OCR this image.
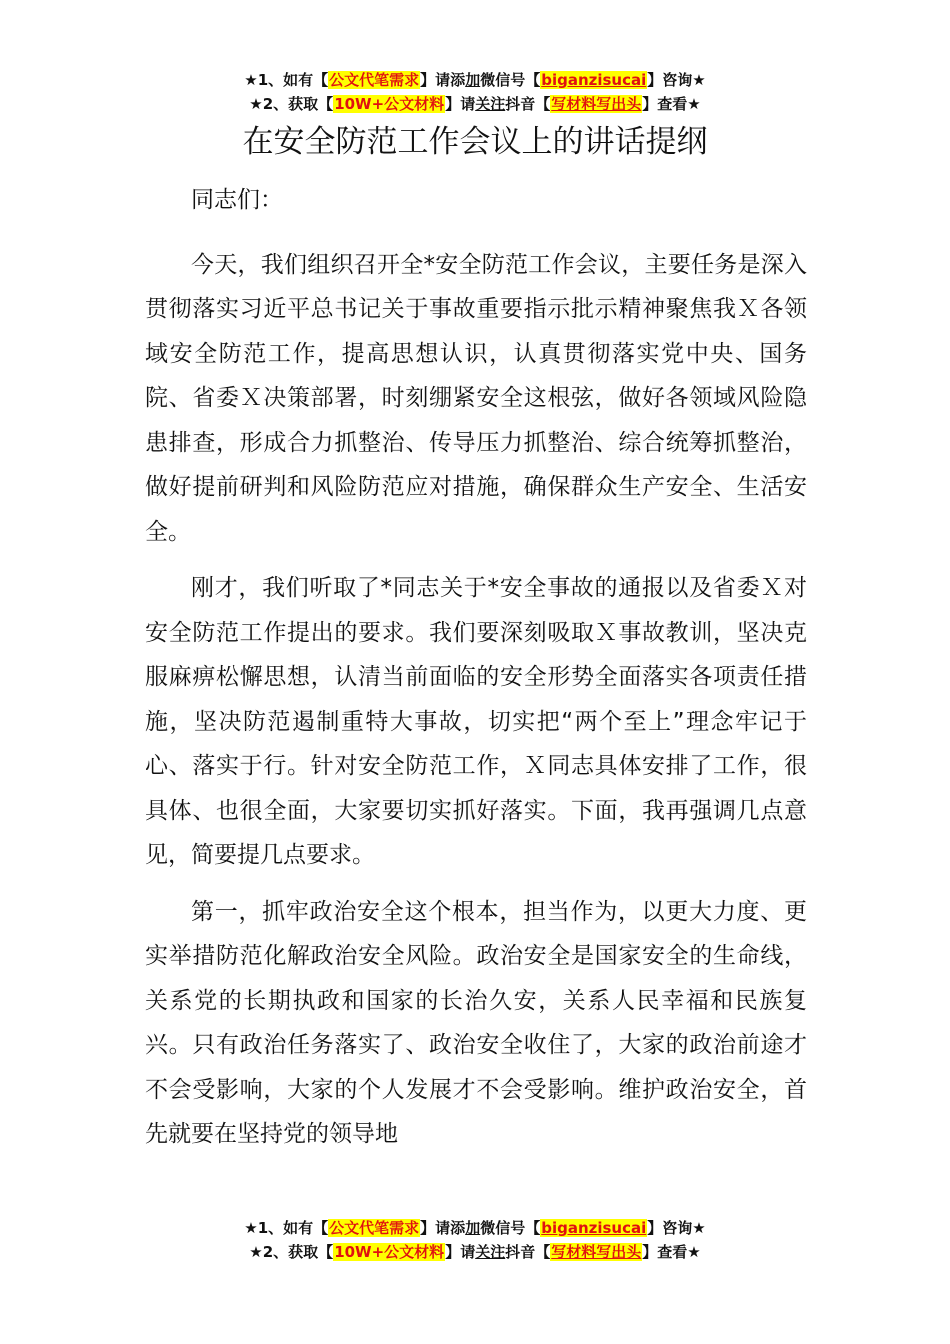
★1、如有【公文代笔需求】请添加微信号【biganzisucai】咨询★
★2、获取【10W+公文材料】请关注抖音【写材料写出头】查看★
在安全防范工作会议上的讲话提纲

同志们：

今天，我们组织召开全*安全防范工作会议，主要任务是深入贯彻落实习近平总书记关于事故重要指示批示精神聚焦我Ｘ各领域安全防范工作，提高思想认识，认真贯彻落实党中央、国务院、省委Ｘ决策部署，时刻绷紧安全这根弦，做好各领域风险隐患排查，形成合力抓整治、传导压力抓整治、综合统筹抓整治，做好提前研判和风险防范应对措施，确保群众生产安全、生活安全。

刚才，我们听取了*同志关于*安全事故的通报以及省委Ｘ对安全防范工作提出的要求。我们要深刻吸取Ｘ事故教训，坚决克服麻痹松懈思想，认清当前面临的安全形势全面落实各项责任措施，坚决防范遏制重特大事故，切实把“两个至上”理念牢记于心、落实于行。针对安全防范工作，Ｘ同志具体安排了工作，很具体、也很全面，大家要切实抓好落实。下面，我再强调几点意见，简要提几点要求。

第一，抓牢政治安全这个根本，担当作为，以更大力度、更实举措防范化解政治安全风险。政治安全是国家安全的生命线，关系党的长期执政和国家的长治久安，关系人民幸福和民族复兴。只有政治任务落实了、政治安全收住了，大家的政治前途才不会受影响，大家的个人发展才不会受影响。维护政治安全，首先就要在坚持党的领导地

★1、如有【公文代笔需求】请添加微信号【biganzisucai】咨询★
★2、获取【10W+公文材料】请关注抖音【写材料写出头】查看★
